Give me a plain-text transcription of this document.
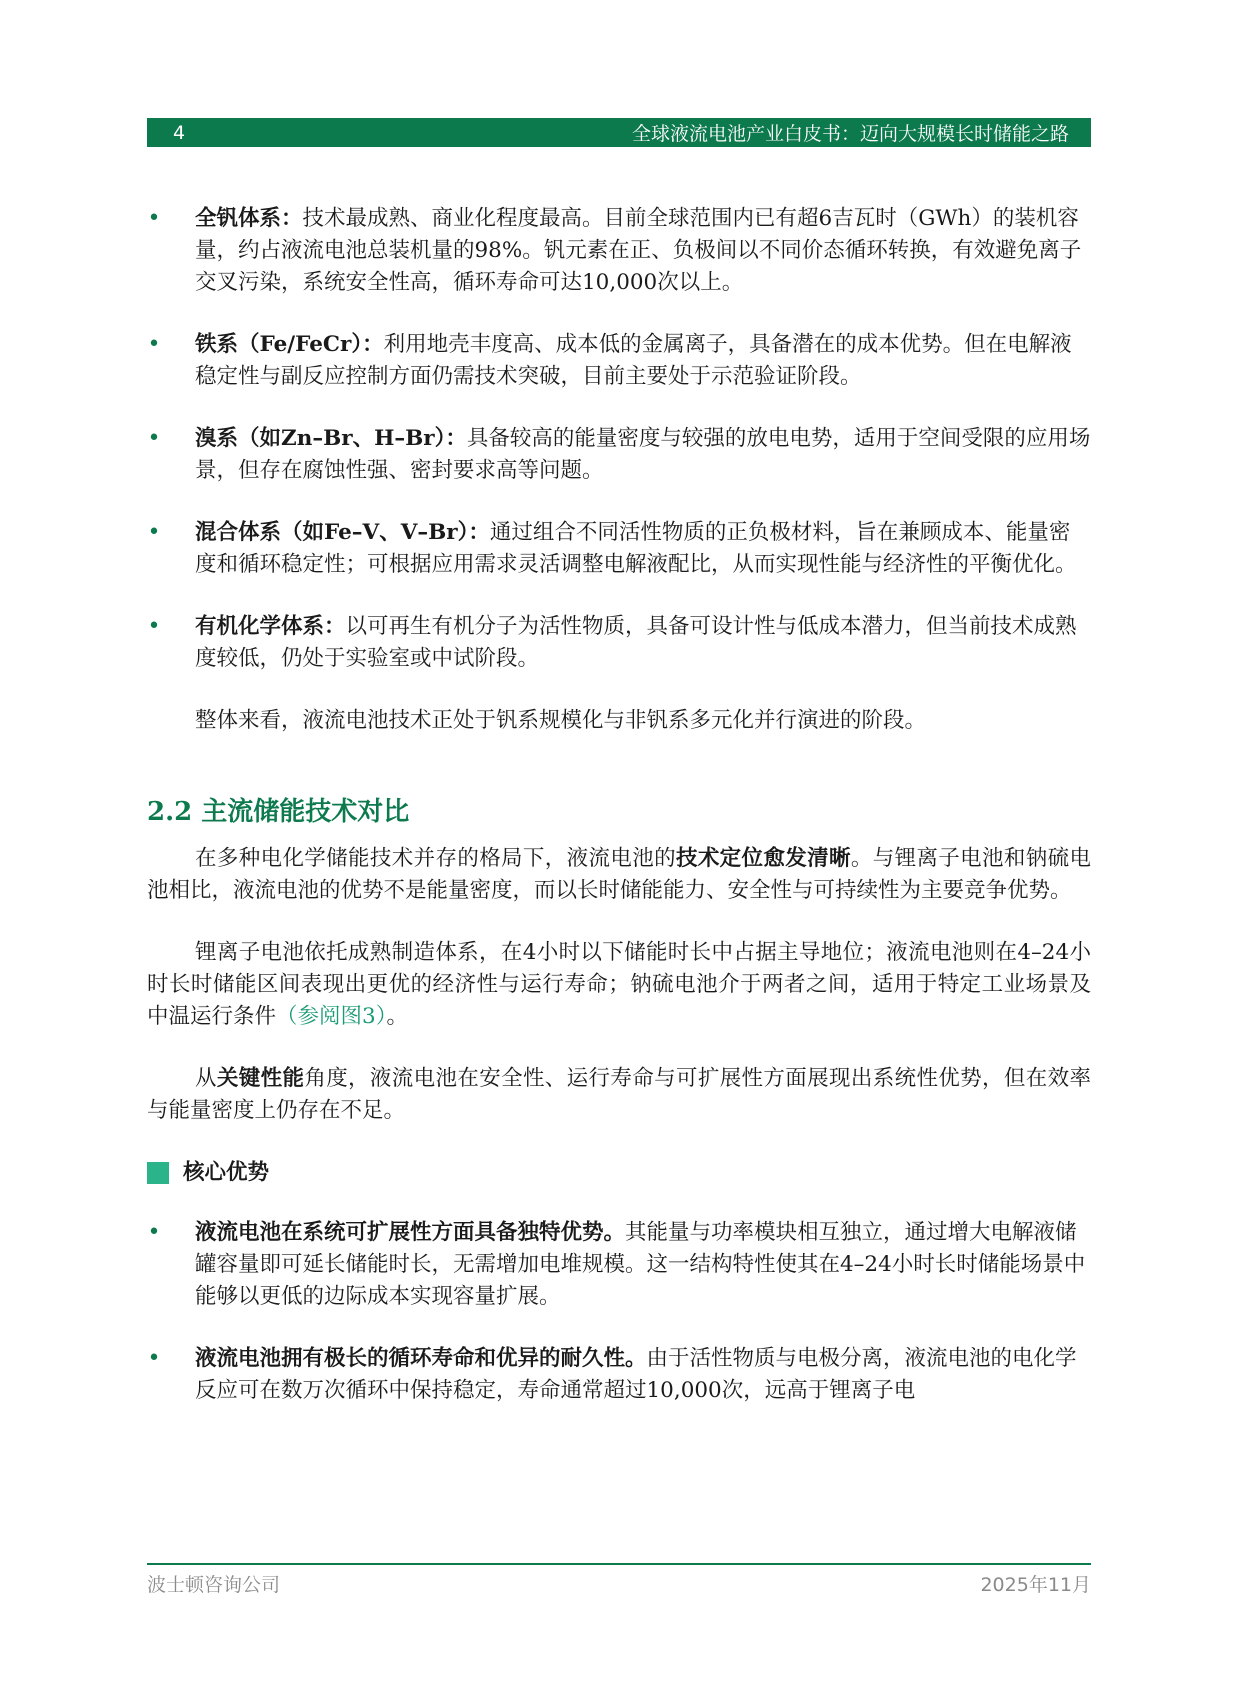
4	全球液流电池产业白皮书：迈向大规模长时储能之路
• 全钒体系：技术最成熟、商业化程度最高。目前全球范围内已有超6吉瓦时（GWh）的装机容量，约占液流电池总装机量的98%。钒元素在正、负极间以不同价态循环转换，有效避免离子交叉污染，系统安全性高，循环寿命可达10,000次以上。
• 铁系（Fe/FeCr）：利用地壳丰度高、成本低的金属离子，具备潜在的成本优势。但在电解液稳定性与副反应控制方面仍需技术突破，目前主要处于示范验证阶段。
• 溴系（如Zn–Br、H–Br）：具备较高的能量密度与较强的放电电势，适用于空间受限的应用场景，但存在腐蚀性强、密封要求高等问题。
• 混合体系（如Fe–V、V–Br）：通过组合不同活性物质的正负极材料，旨在兼顾成本、能量密度和循环稳定性；可根据应用需求灵活调整电解液配比，从而实现性能与经济性的平衡优化。
• 有机化学体系：以可再生有机分子为活性物质，具备可设计性与低成本潜力，但当前技术成熟度较低，仍处于实验室或中试阶段。
整体来看，液流电池技术正处于钒系规模化与非钒系多元化并行演进的阶段。
2.2 主流储能技术对比
在多种电化学储能技术并存的格局下，液流电池的技术定位愈发清晰。与锂离子电池和钠硫电池相比，液流电池的优势不是能量密度，而以长时储能能力、安全性与可持续性为主要竞争优势。
锂离子电池依托成熟制造体系，在4小时以下储能时长中占据主导地位；液流电池则在4–24小时长时储能区间表现出更优的经济性与运行寿命；钠硫电池介于两者之间，适用于特定工业场景及中温运行条件（参阅图3）。
从关键性能角度，液流电池在安全性、运行寿命与可扩展性方面展现出系统性优势，但在效率与能量密度上仍存在不足。
核心优势
• 液流电池在系统可扩展性方面具备独特优势。其能量与功率模块相互独立，通过增大电解液储罐容量即可延长储能时长，无需增加电堆规模。这一结构特性使其在4–24小时长时储能场景中能够以更低的边际成本实现容量扩展。
• 液流电池拥有极长的循环寿命和优异的耐久性。由于活性物质与电极分离，液流电池的电化学反应可在数万次循环中保持稳定，寿命通常超过10,000次，远高于锂离子电
波士顿咨询公司	2025年11月
